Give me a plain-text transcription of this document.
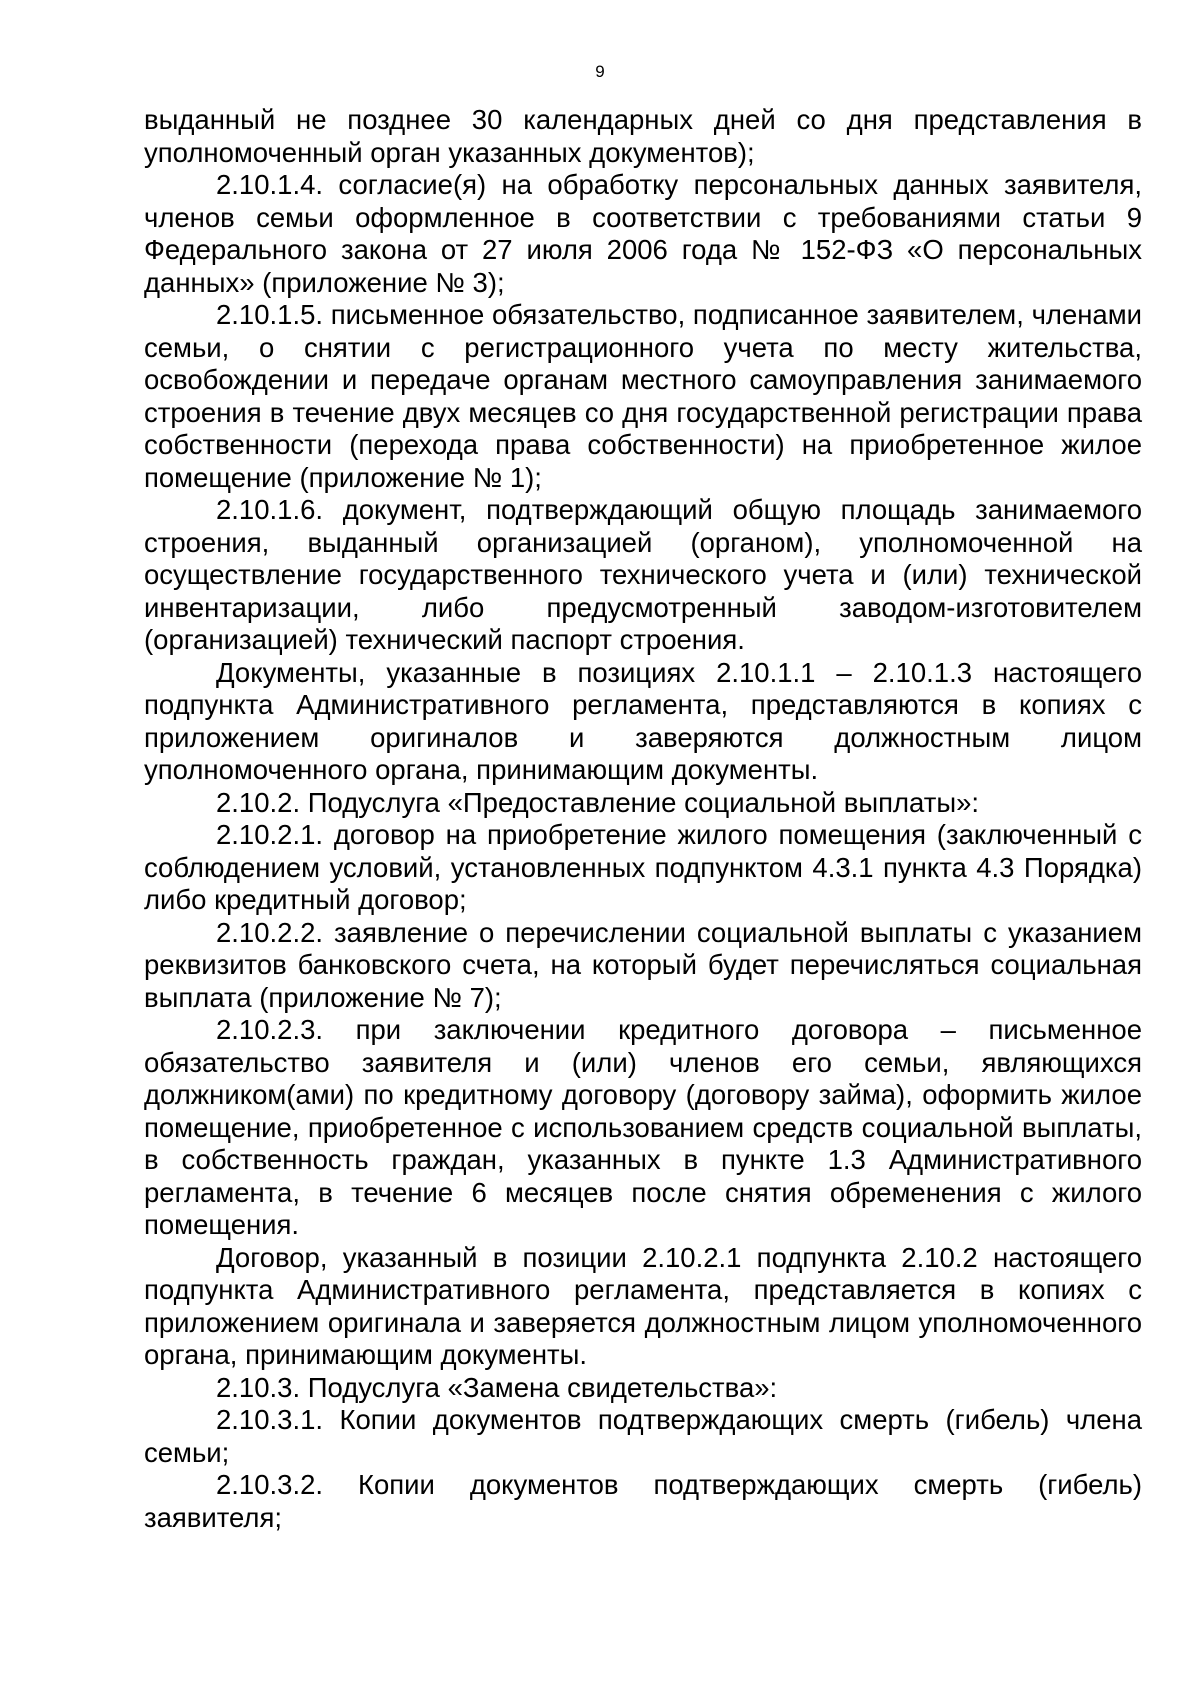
9

выданный не позднее 30 календарных дней со дня представления в уполномоченный орган указанных документов);

2.10.1.4. согласие(я) на обработку персональных данных заявителя, членов семьи оформленное в соответствии с требованиями статьи 9 Федерального закона от 27 июля 2006 года № 152-ФЗ «О персональных данных» (приложение № 3);

2.10.1.5. письменное обязательство, подписанное заявителем, членами семьи, о снятии с регистрационного учета по месту жительства, освобождении и передаче органам местного самоуправления занимаемого строения в течение двух месяцев со дня государственной регистрации права собственности (перехода права собственности) на приобретенное жилое помещение (приложение № 1);

2.10.1.6. документ, подтверждающий общую площадь занимаемого строения, выданный организацией (органом), уполномоченной на осуществление государственного технического учета и (или) технической инвентаризации, либо предусмотренный заводом-изготовителем (организацией) технический паспорт строения.

Документы, указанные в позициях 2.10.1.1 – 2.10.1.3 настоящего подпункта Административного регламента, представляются в копиях с приложением оригиналов и заверяются должностным лицом уполномоченного органа, принимающим документы.

2.10.2. Подуслуга «Предоставление социальной выплаты»:

2.10.2.1. договор на приобретение жилого помещения (заключенный с соблюдением условий, установленных подпунктом 4.3.1 пункта 4.3 Порядка) либо кредитный договор;

2.10.2.2. заявление о перечислении социальной выплаты с указанием реквизитов банковского счета, на который будет перечисляться социальная выплата (приложение № 7);

2.10.2.3. при заключении кредитного договора – письменное обязательство заявителя и (или) членов его семьи, являющихся должником(ами) по кредитному договору (договору займа), оформить жилое помещение, приобретенное с использованием средств социальной выплаты, в собственность граждан, указанных в пункте 1.3 Административного регламента, в течение 6 месяцев после снятия обременения с жилого помещения.

Договор, указанный в позиции 2.10.2.1 подпункта 2.10.2 настоящего подпункта Административного регламента, представляется в копиях с приложением оригинала и заверяется должностным лицом уполномоченного органа, принимающим документы.

2.10.3. Подуслуга «Замена свидетельства»:

2.10.3.1. Копии документов подтверждающих смерть (гибель) члена семьи;

2.10.3.2. Копии документов подтверждающих смерть (гибель) заявителя;
